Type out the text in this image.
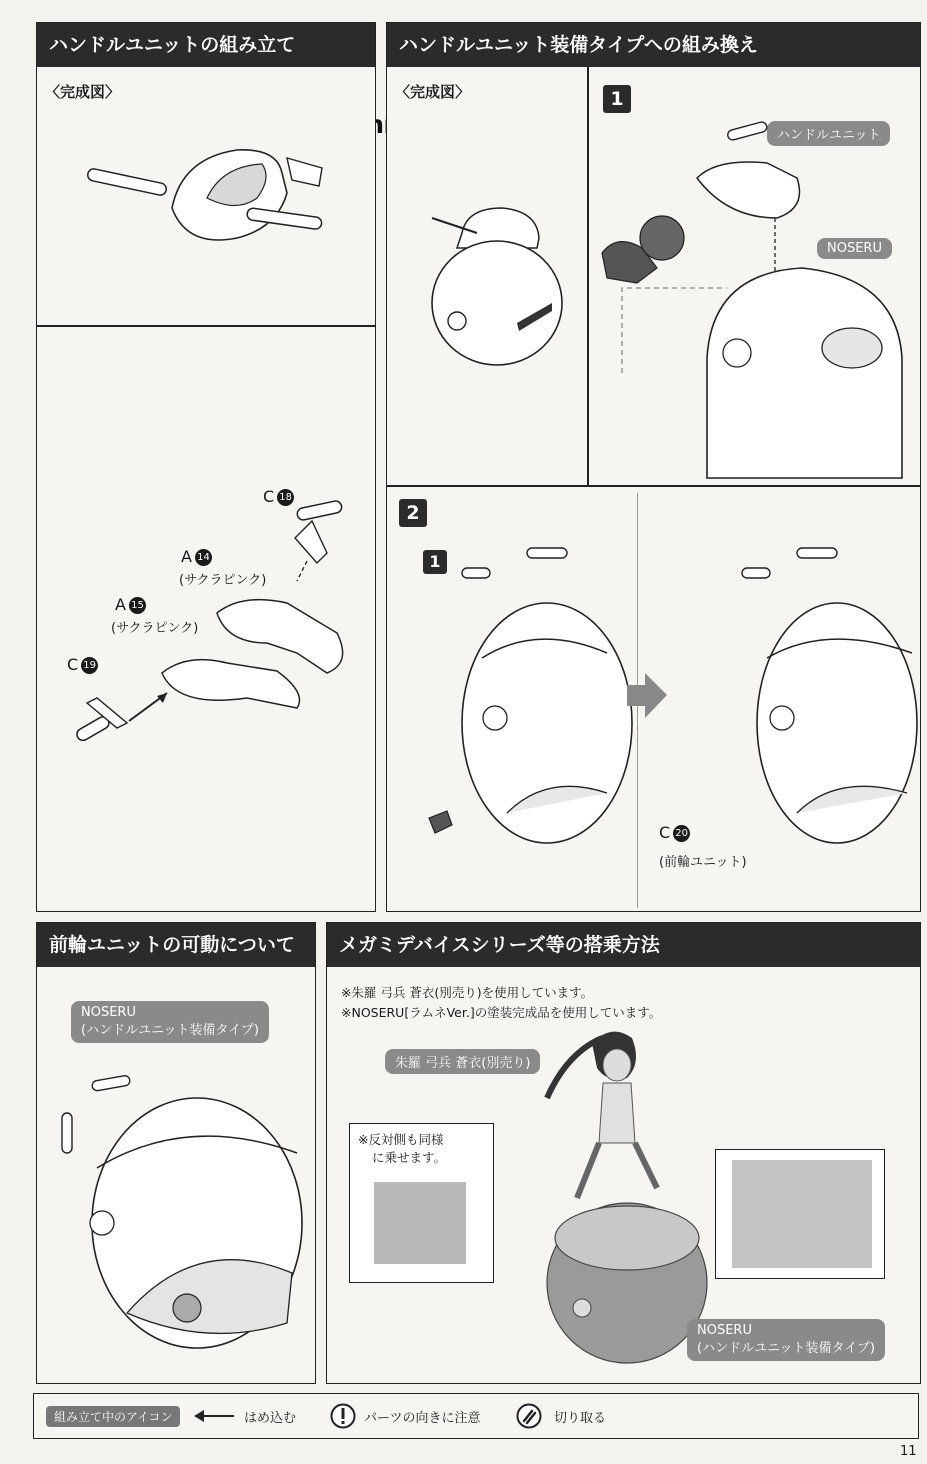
Scanned
ハンドルユニットの組み立て
〈完成図〉
C 18
A 14
(サクラピンク)
A 15
(サクラピンク)
C 19
ハンドルユニット装備タイプへの組み換え
〈完成図〉	1
ハンドルユニット
NOSERU
2
1
C 20
(前輪ユニット)
前輪ユニットの可動について
NOSERU
(ハンドルユニット装備タイプ)
メガミデバイスシリーズ等の搭乗方法
※朱羅 弓兵 蒼衣(別売り)を使用しています。
※NOSERU[ラムネVer.]の塗装完成品を使用しています。
朱羅 弓兵 蒼衣(別売り)
※反対側も同様
に乗せます。
NOSERU
(ハンドルユニット装備タイプ)
組み立て中のアイコン	はめ込む	パーツの向きに注意	切り取る
11
